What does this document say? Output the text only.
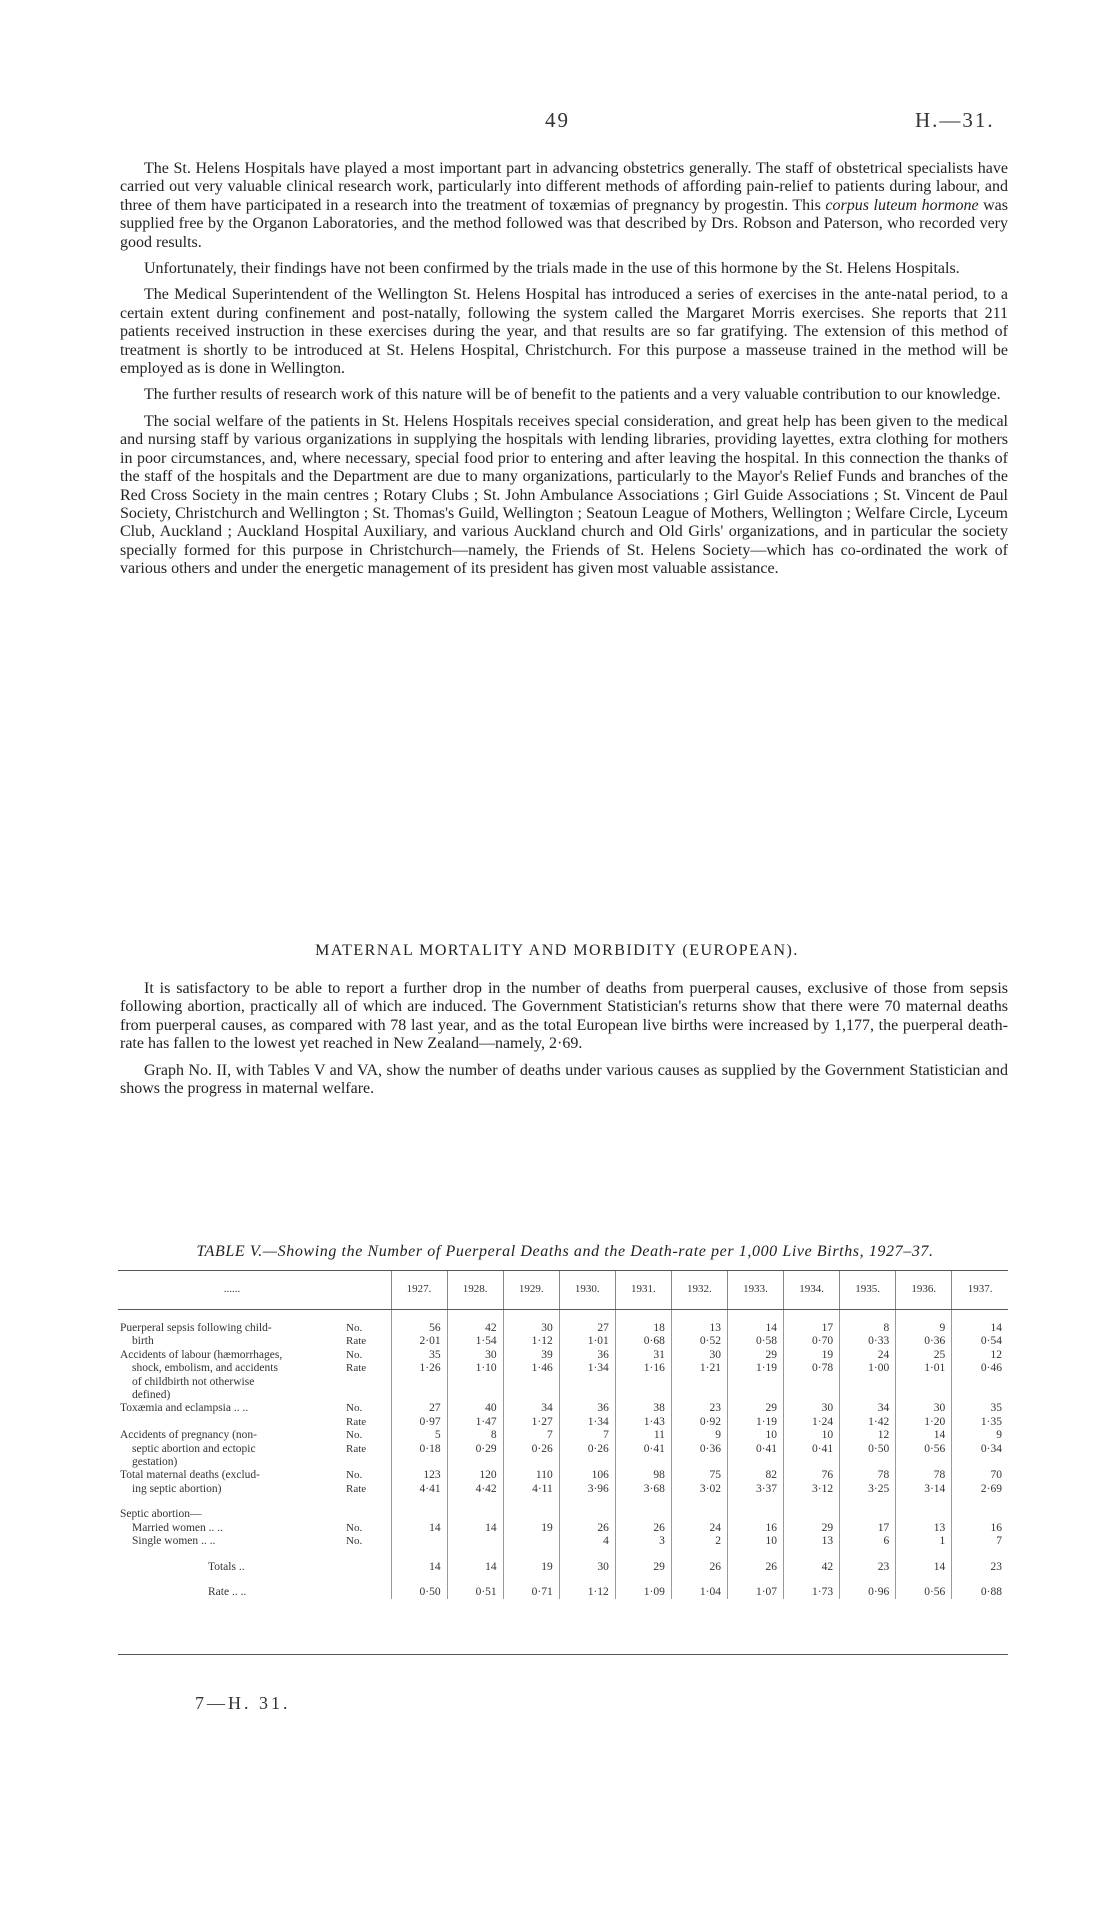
49	H.—31.

The St. Helens Hospitals have played a most important part in advancing obstetrics generally. The staff of obstetrical specialists have carried out very valuable clinical research work, particularly into different methods of affording pain-relief to patients during labour, and three of them have participated in a research into the treatment of toxæmias of pregnancy by progestin. This corpus luteum hormone was supplied free by the Organon Laboratories, and the method followed was that described by Drs. Robson and Paterson, who recorded very good results.

Unfortunately, their findings have not been confirmed by the trials made in the use of this hormone by the St. Helens Hospitals.

The Medical Superintendent of the Wellington St. Helens Hospital has introduced a series of exercises in the ante-natal period, to a certain extent during confinement and post-natally, following the system called the Margaret Morris exercises. She reports that 211 patients received instruction in these exercises during the year, and that results are so far gratifying. The extension of this method of treatment is shortly to be introduced at St. Helens Hospital, Christchurch. For this purpose a masseuse trained in the method will be employed as is done in Wellington.

The further results of research work of this nature will be of benefit to the patients and a very valuable contribution to our knowledge.

The social welfare of the patients in St. Helens Hospitals receives special consideration, and great help has been given to the medical and nursing staff by various organizations in supplying the hospitals with lending libraries, providing layettes, extra clothing for mothers in poor circumstances, and, where necessary, special food prior to entering and after leaving the hospital. In this connection the thanks of the staff of the hospitals and the Department are due to many organizations, particularly to the Mayor's Relief Funds and branches of the Red Cross Society in the main centres ; Rotary Clubs ; St. John Ambulance Associations ; Girl Guide Associations ; St. Vincent de Paul Society, Christchurch and Wellington ; St. Thomas's Guild, Wellington ; Seatoun League of Mothers, Wellington ; Welfare Circle, Lyceum Club, Auckland ; Auckland Hospital Auxiliary, and various Auckland church and Old Girls' organizations, and in particular the society specially formed for this purpose in Christchurch—namely, the Friends of St. Helens Society—which has co-ordinated the work of various others and under the energetic management of its president has given most valuable assistance.

MATERNAL MORTALITY AND MORBIDITY (EUROPEAN).

It is satisfactory to be able to report a further drop in the number of deaths from puerperal causes, exclusive of those from sepsis following abortion, practically all of which are induced. The Government Statistician's returns show that there were 70 maternal deaths from puerperal causes, as compared with 78 last year, and as the total European live births were increased by 1,177, the puerperal death-rate has fallen to the lowest yet reached in New Zealand—namely, 2·69.

Graph No. II, with Tables V and VA, show the number of deaths under various causes as supplied by the Government Statistician and shows the progress in maternal welfare.

TABLE V.—Showing the Number of Puerperal Deaths and the Death-rate per 1,000 Live Births, 1927–37.
......		1927.	1928.	1929.	1930.	1931.	1932.	1933.	1934.	1935.	1936.	1937.

Puerperal sepsis following child-	No.	56	42	30	27	18	13	14	17	8	9	14
birth	Rate	2·01	1·54	1·12	1·01	0·68	0·52	0·58	0·70	0·33	0·36	0·54
Accidents of labour (hæmorrhages,	No.	35	30	39	36	31	30	29	19	24	25	12
shock, embolism, and accidents	Rate	1·26	1·10	1·46	1·34	1·16	1·21	1·19	0·78	1·00	1·01	0·46
of childbirth not otherwise												
defined)												
Toxæmia and eclampsia .. ..	No.	27	40	34	36	38	23	29	30	34	30	35
	Rate	0·97	1·47	1·27	1·34	1·43	0·92	1·19	1·24	1·42	1·20	1·35
Accidents of pregnancy (non-	No.	5	8	7	7	11	9	10	10	12	14	9
septic abortion and ectopic	Rate	0·18	0·29	0·26	0·26	0·41	0·36	0·41	0·41	0·50	0·56	0·34
gestation)												
Total maternal deaths (exclud-	No.	123	120	110	106	98	75	82	76	78	78	70
ing septic abortion)	Rate	4·41	4·42	4·11	3·96	3·68	3·02	3·37	3·12	3·25	3·14	2·69

Septic abortion—												
Married women .. ..	No.	14	14	19	26	26	24	16	29	17	13	16
Single women .. ..	No.				4	3	2	10	13	6	1	7

Totals ..		14	14	19	30	29	26	26	42	23	14	23

Rate .. ..		0·50	0·51	0·71	1·12	1·09	1·04	1·07	1·73	0·96	0·56	0·88
7—H. 31.
